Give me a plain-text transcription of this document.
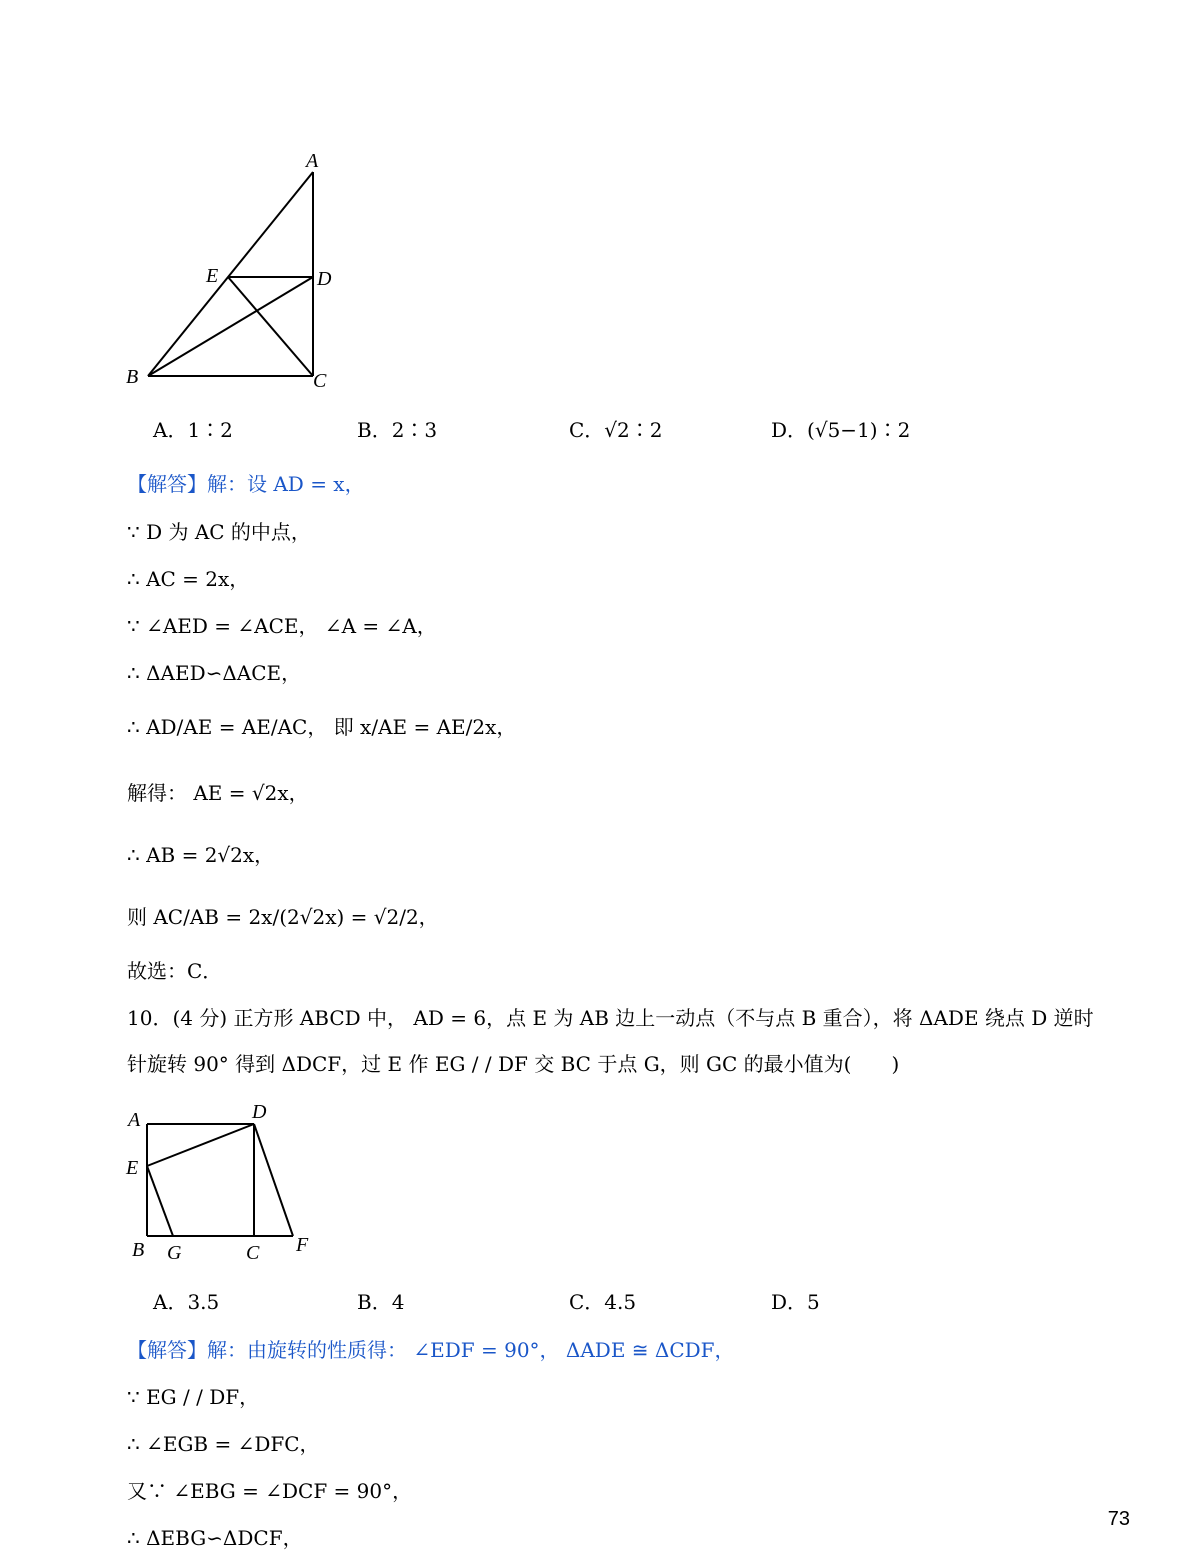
A
E	D
B	C
A．1∶2	B．2∶3	C．√2∶2	D．(√5−1)∶2
【解答】解：设 AD = x，
∵ D 为 AC 的中点，
∴ AC = 2x，
∵ ∠AED = ∠ACE， ∠A = ∠A，
∴ ΔAED∽ΔACE，
∴ AD/AE = AE/AC， 即 x/AE = AE/2x，
解得： AE = √2x，
∴ AB = 2√2x，
则 AC/AB = 2x/(2√2x) = √2/2，
故选：C．
10．(4 分) 正方形 ABCD 中， AD = 6，点 E 为 AB 边上一动点（不与点 B 重合），将 ΔADE 绕点 D 逆时
针旋转 90° 得到 ΔDCF，过 E 作 EG / / DF 交 BC 于点 G，则 GC 的最小值为(　　)
A	D
E
B G	C F
A．3.5	B．4	C．4.5	D．5
【解答】解：由旋转的性质得： ∠EDF = 90°， ΔADE ≅ ΔCDF，
∵ EG / / DF，
∴ ∠EGB = ∠DFC，
又∵ ∠EBG = ∠DCF = 90°，
∴ ΔEBG∽ΔDCF，
73
